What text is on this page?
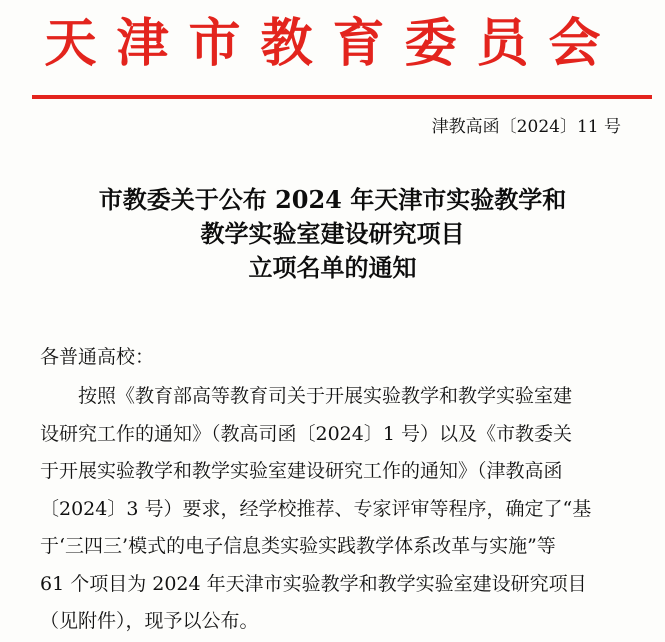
天津市教育委员会
津教高函〔2024〕11 号
市教委关于公布 2024 年天津市实验教学和
教学实验室建设研究项目
立项名单的通知
各普通高校：
按照《教育部高等教育司关于开展实验教学和教学实验室建
设研究工作的通知》（教高司函〔2024〕1 号）以及《市教委关
于开展实验教学和教学实验室建设研究工作的通知》（津教高函
〔2024〕3 号）要求，经学校推荐、专家评审等程序，确定了“基
于‘三四三’模式的电子信息类实验实践教学体系改革与实施”等
61 个项目为 2024 年天津市实验教学和教学实验室建设研究项目
（见附件），现予以公布。
